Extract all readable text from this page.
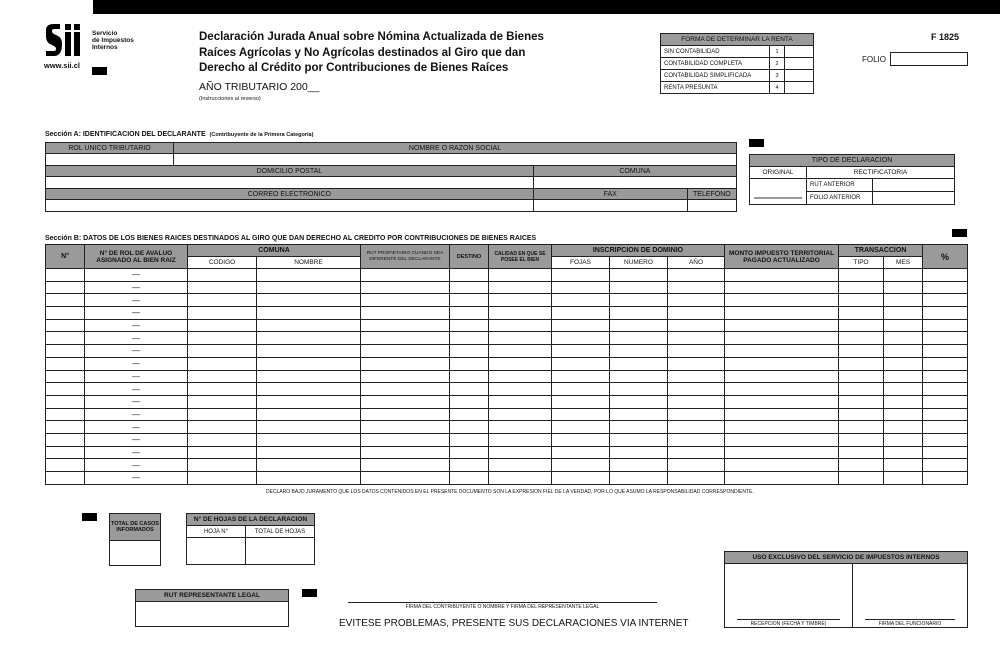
Servicio
de Impuestos
Internos
www.sii.cl
Declaración Jurada Anual sobre Nómina Actualizada de Bienes
Raíces Agrícolas y No Agrícolas destinados al Giro que dan
Derecho al Crédito por Contribuciones de Bienes Raíces
AÑO TRIBUTARIO 200__
(Instrucciones al reverso)
FORMA DE DETERMINAR LA RENTA		
SIN CONTABILIDAD	1	
CONTABILIDAD COMPLETA	2	
CONTABILIDAD SIMPLIFICADA	3	
RENTA PRESUNTA	4	
F 1825
FOLIO
Sección A: IDENTIFICACION DEL DECLARANTE (Contribuyente de la Primera Categoría)
ROL UNICO TRIBUTARIO	NOMBRE O RAZON SOCIAL		

DOMICILIO POSTAL		COMUNA	

CORREO ELECTRONICO		FAX	TELEFONO

TIPO DE DECLARACION		
ORIGINAL	RECTIFICATORIA	
	RUT ANTERIOR	

	FOLIO ANTERIOR	
Sección B: DATOS DE LOS BIENES RAICES DESTINADOS AL GIRO QUE DAN DERECHO AL CREDITO POR CONTRIBUCIONES DE BIENES RAICES
N°	N° DE ROL DE AVALUO ASIGNADO AL BIEN RAIZ	COMUNA		RUT PROPIETARIO CUANDO SEA DIFERENTE DEL DECLARANTE	DESTINO	CALIDAD EN QUE SE POSEE EL BIEN	INSCRIPCION DE DOMINIO			MONTO IMPUESTO TERRITORIAL PAGADO ACTUALIZADO	TRANSACCION		%
		CODIGO	NOMBRE				FOJAS	NUMERO	AÑO		TIPO	MES	
	—												
	—												
	—												
	—												
	—												
	—												
	—												
	—												
	—												
	—												
	—												
	—												
	—												
	—												
	—												
	—												
	—												
DECLARO BAJO JURAMENTO QUE LOS DATOS CONTENIDOS EN EL PRESENTE DOCUMENTO SON LA EXPRESION FIEL DE LA VERDAD, POR LO QUE ASUMO LA RESPONSABILIDAD CORRESPONDIENTE.
TOTAL DE CASOS INFORMADOS

N° DE HOJAS DE LA DECLARACION	
HOJA N°	TOTAL DE HOJAS

RUT REPRESENTANTE LEGAL

FIRMA DEL CONTRIBUYENTE O NOMBRE Y FIRMA DEL REPRESENTANTE LEGAL
EVITESE PROBLEMAS, PRESENTE SUS DECLARACIONES VIA INTERNET
USO EXCLUSIVO DEL SERVICIO DE IMPUESTOS INTERNOS

RECEPCION (FECHA Y TIMBRE)	FIRMA DEL FUNCIONARIO
